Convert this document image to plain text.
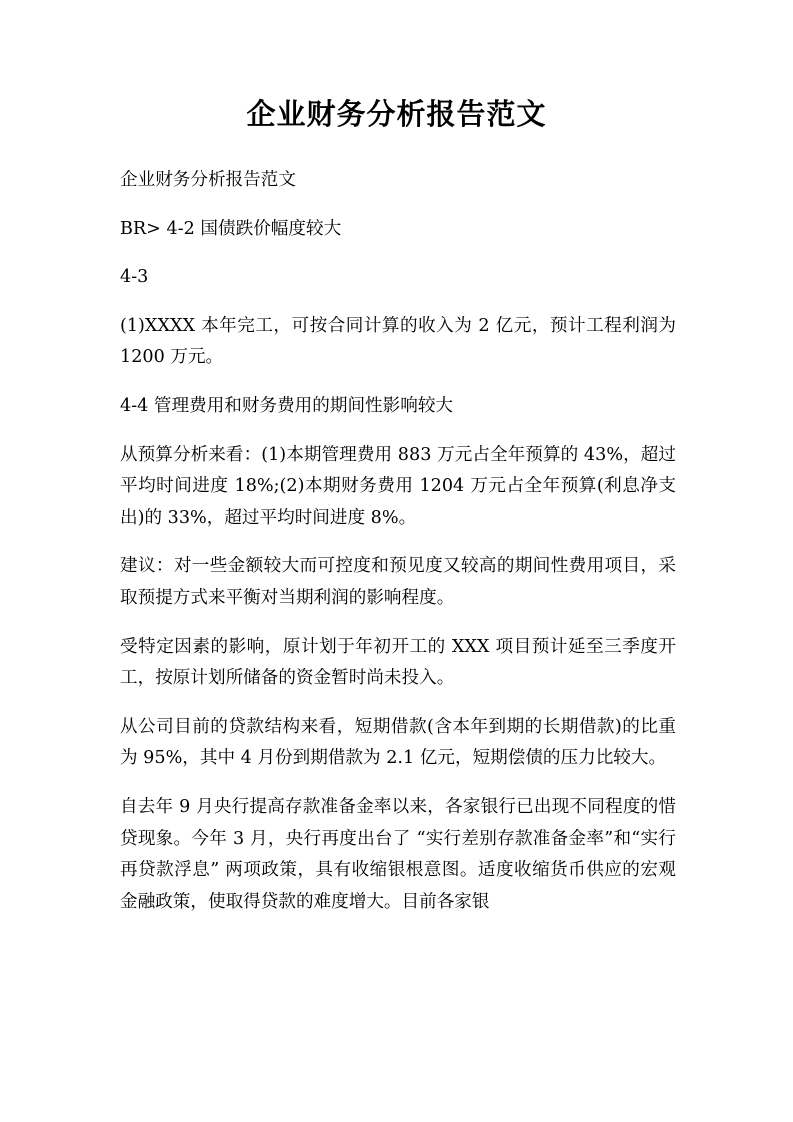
企业财务分析报告范文

企业财务分析报告范文

BR> 4-2 国债跌价幅度较大

4-3

(1)XXXX 本年完工，可按合同计算的收入为 2 亿元，预计工程利润为 1200 万元。

4-4 管理费用和财务费用的期间性影响较大

从预算分析来看：(1)本期管理费用 883 万元占全年预算的 43%，超过平均时间进度 18%;(2)本期财务费用 1204 万元占全年预算(利息净支出)的 33%，超过平均时间进度 8%。

建议：对一些金额较大而可控度和预见度又较高的期间性费用项目，采取预提方式来平衡对当期利润的影响程度。

受特定因素的影响，原计划于年初开工的 XXX 项目预计延至三季度开工，按原计划所储备的资金暂时尚未投入。

从公司目前的贷款结构来看，短期借款(含本年到期的长期借款)的比重为 95%，其中 4 月份到期借款为 2.1 亿元，短期偿债的压力比较大。

自去年 9 月央行提高存款准备金率以来，各家银行已出现不同程度的惜贷现象。今年 3 月，央行再度出台了 “实行差别存款准备金率”和“实行再贷款浮息” 两项政策，具有收缩银根意图。适度收缩货币供应的宏观金融政策，使取得贷款的难度增大。目前各家银
